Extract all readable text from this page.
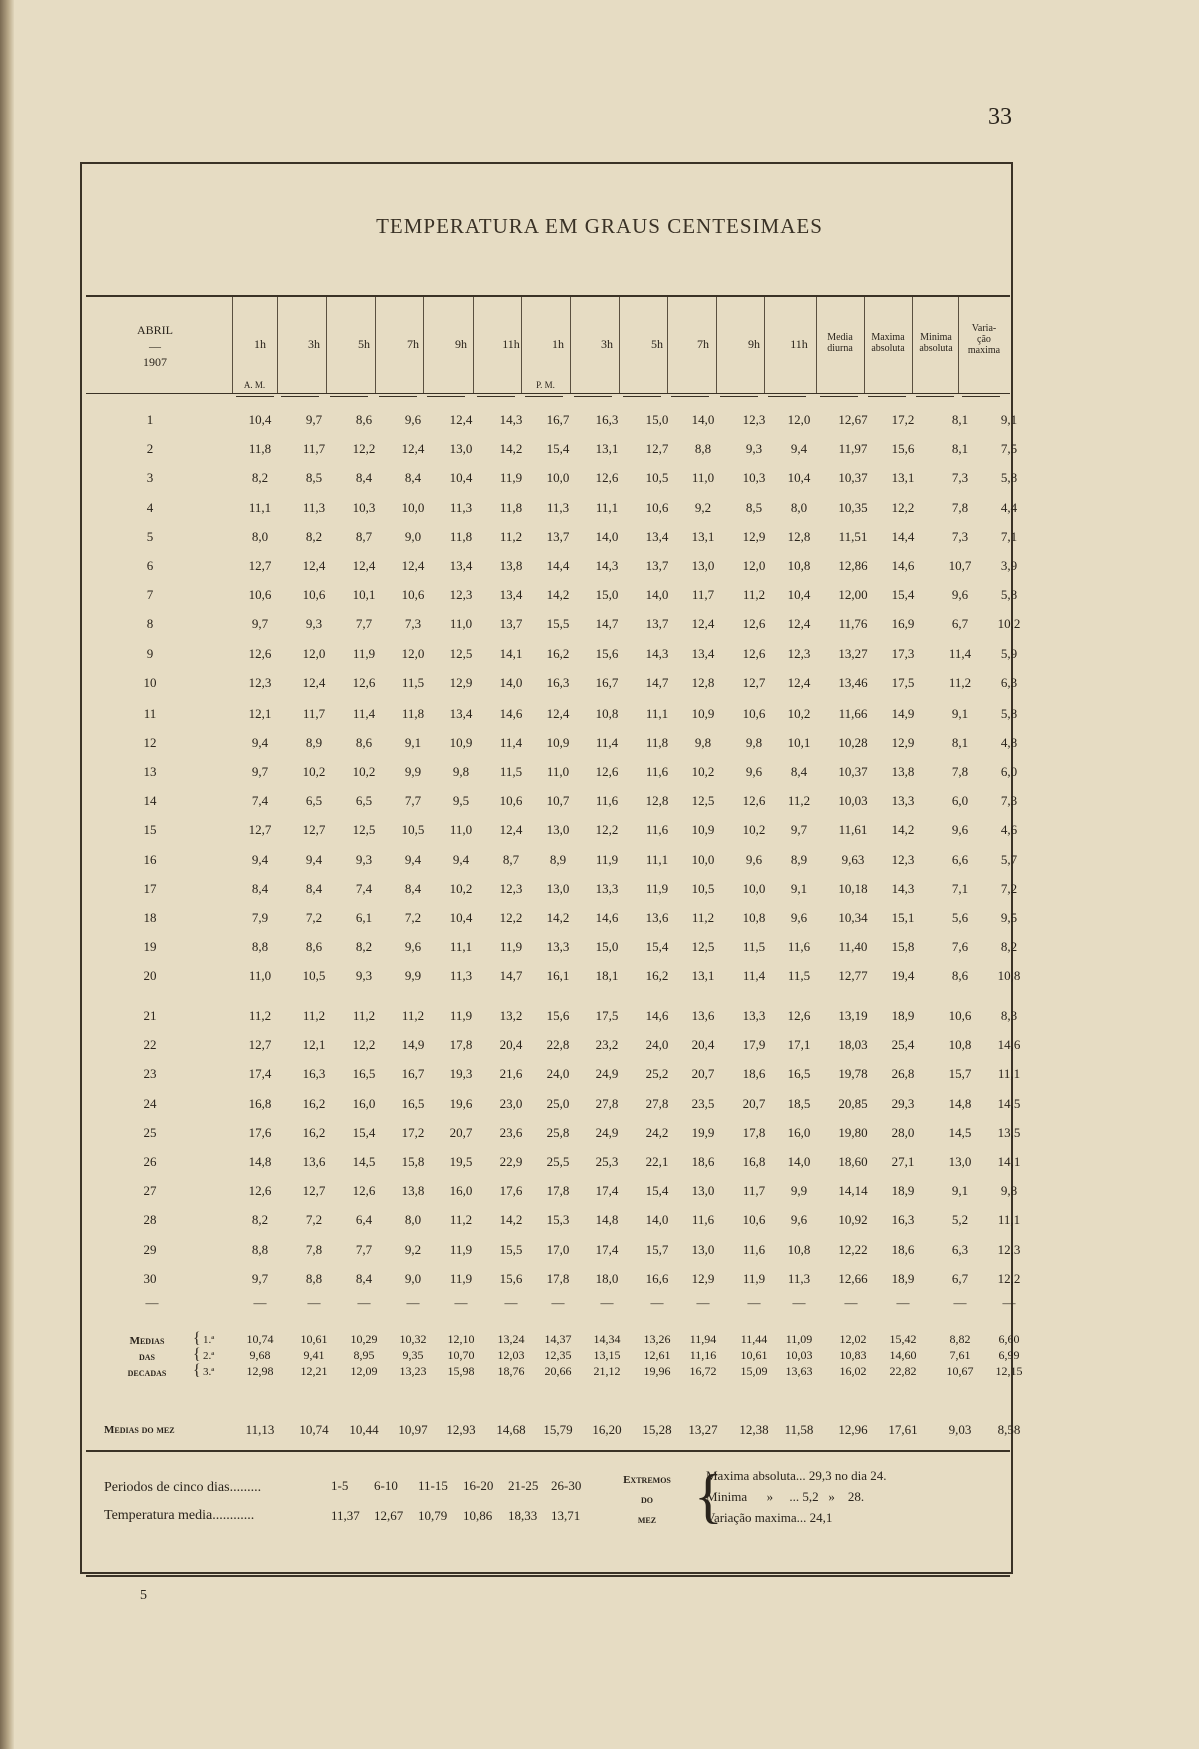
33
TEMPERATURA EM GRAUS CENTESIMAES
ABRIL
—
1907
1h	3h	5h	7h	9h	11h	1h	3h	5h	7h	9h	11h
A. M.	P. M.
Media
diurna
Maxima
absoluta
Minima
absoluta
Varia-
ção
maxima
1	10,4	9,7	8,6	9,6	12,4	14,3	16,7	16,3	15,0	14,0	12,3	12,0	12,67	17,2	8,1	9,1
2	11,8	11,7	12,2	12,4	13,0	14,2	15,4	13,1	12,7	8,8	9,3	9,4	11,97	15,6	8,1	7,5
3	8,2	8,5	8,4	8,4	10,4	11,9	10,0	12,6	10,5	11,0	10,3	10,4	10,37	13,1	7,3	5,8
4	11,1	11,3	10,3	10,0	11,3	11,8	11,3	11,1	10,6	9,2	8,5	8,0	10,35	12,2	7,8	4,4
5	8,0	8,2	8,7	9,0	11,8	11,2	13,7	14,0	13,4	13,1	12,9	12,8	11,51	14,4	7,3	7,1
6	12,7	12,4	12,4	12,4	13,4	13,8	14,4	14,3	13,7	13,0	12,0	10,8	12,86	14,6	10,7	3,9
7	10,6	10,6	10,1	10,6	12,3	13,4	14,2	15,0	14,0	11,7	11,2	10,4	12,00	15,4	9,6	5,8
8	9,7	9,3	7,7	7,3	11,0	13,7	15,5	14,7	13,7	12,4	12,6	12,4	11,76	16,9	6,7	10,2
9	12,6	12,0	11,9	12,0	12,5	14,1	16,2	15,6	14,3	13,4	12,6	12,3	13,27	17,3	11,4	5,9
10	12,3	12,4	12,6	11,5	12,9	14,0	16,3	16,7	14,7	12,8	12,7	12,4	13,46	17,5	11,2	6,3
11	12,1	11,7	11,4	11,8	13,4	14,6	12,4	10,8	11,1	10,9	10,6	10,2	11,66	14,9	9,1	5,8
12	9,4	8,9	8,6	9,1	10,9	11,4	10,9	11,4	11,8	9,8	9,8	10,1	10,28	12,9	8,1	4,8
13	9,7	10,2	10,2	9,9	9,8	11,5	11,0	12,6	11,6	10,2	9,6	8,4	10,37	13,8	7,8	6,0
14	7,4	6,5	6,5	7,7	9,5	10,6	10,7	11,6	12,8	12,5	12,6	11,2	10,03	13,3	6,0	7,3
15	12,7	12,7	12,5	10,5	11,0	12,4	13,0	12,2	11,6	10,9	10,2	9,7	11,61	14,2	9,6	4,6
16	9,4	9,4	9,3	9,4	9,4	8,7	8,9	11,9	11,1	10,0	9,6	8,9	9,63	12,3	6,6	5,7
17	8,4	8,4	7,4	8,4	10,2	12,3	13,0	13,3	11,9	10,5	10,0	9,1	10,18	14,3	7,1	7,2
18	7,9	7,2	6,1	7,2	10,4	12,2	14,2	14,6	13,6	11,2	10,8	9,6	10,34	15,1	5,6	9,5
19	8,8	8,6	8,2	9,6	11,1	11,9	13,3	15,0	15,4	12,5	11,5	11,6	11,40	15,8	7,6	8,2
20	11,0	10,5	9,3	9,9	11,3	14,7	16,1	18,1	16,2	13,1	11,4	11,5	12,77	19,4	8,6	10,8
21	11,2	11,2	11,2	11,2	11,9	13,2	15,6	17,5	14,6	13,6	13,3	12,6	13,19	18,9	10,6	8,3
22	12,7	12,1	12,2	14,9	17,8	20,4	22,8	23,2	24,0	20,4	17,9	17,1	18,03	25,4	10,8	14,6
23	17,4	16,3	16,5	16,7	19,3	21,6	24,0	24,9	25,2	20,7	18,6	16,5	19,78	26,8	15,7	11,1
24	16,8	16,2	16,0	16,5	19,6	23,0	25,0	27,8	27,8	23,5	20,7	18,5	20,85	29,3	14,8	14,5
25	17,6	16,2	15,4	17,2	20,7	23,6	25,8	24,9	24,2	19,9	17,8	16,0	19,80	28,0	14,5	13,5
26	14,8	13,6	14,5	15,8	19,5	22,9	25,5	25,3	22,1	18,6	16,8	14,0	18,60	27,1	13,0	14,1
27	12,6	12,7	12,6	13,8	16,0	17,6	17,8	17,4	15,4	13,0	11,7	9,9	14,14	18,9	9,1	9,8
28	8,2	7,2	6,4	8,0	11,2	14,2	15,3	14,8	14,0	11,6	10,6	9,6	10,92	16,3	5,2	11,1
29	8,8	7,8	7,7	9,2	11,9	15,5	17,0	17,4	15,7	13,0	11,6	10,8	12,22	18,6	6,3	12,3
30	9,7	8,8	8,4	9,0	11,9	15,6	17,8	18,0	16,6	12,9	11,9	11,3	12,66	18,9	6,7	12,2
—	—	—	—	—	—	—	—	—	—	—	—	—	—	—	—	—
Medias
das
decadas
{
{
{
1.ª
2.ª
3.ª
10,74	10,61	10,29	10,32	12,10	13,24	14,37	14,34	13,26	11,94	11,44	11,09	12,02	15,42	8,82	6,60
9,68	9,41	8,95	9,35	10,70	12,03	12,35	13,15	12,61	11,16	10,61	10,03	10,83	14,60	7,61	6,99
12,98	12,21	12,09	13,23	15,98	18,76	20,66	21,12	19,96	16,72	15,09	13,63	16,02	22,82	10,67	12,15
Medias do mez	11,13	10,74	10,44	10,97	12,93	14,68	15,79	16,20	15,28	13,27	12,38	11,58	12,96	17,61	9,03	8,58
Periodos de cinco dias.........	1-5 6-10 11-15 16-20 21-25 26-30
Temperatura media............	11,37 12,67 10,79 10,86 18,33 13,71
Extremos
do
mez {
Maxima absoluta... 29,3 no dia 24.
Minima      »     ... 5,2   »    28.
Variação maxima... 24,1
5
